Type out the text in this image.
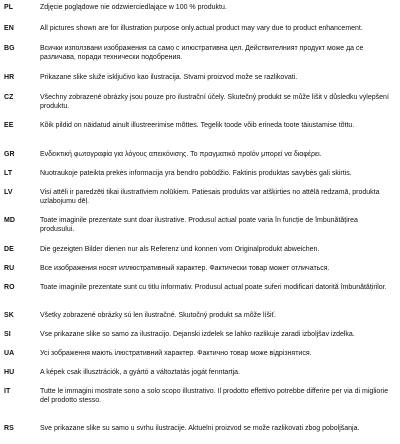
PL	Zdjęcie poglądowe nie odzwierciedlające w 100 % produktu.
EN	All pictures shown are for illustration purpose only.actual product may vary due to product enhancement.
BG	Всички използвани изображения са само с илюстративна цел. Действителният продукт може да се различава, поради технически подобрения.
HR	Prikazane slike služe isključivo kao ilustracija. Stvarni proizvod može se razlikovati.
CZ	Všechny zobrazené obrázky jsou pouze pro ilustrační účely. Skutečný produkt se může lišit v důsledku vylepšení produktu.
EE	Kõik pildid on näidatud ainult illustreerimise mõttes. Tegelik toode võib erineda toote täiustamise tõttu.
GR	Ενδεικτική φωτογραφία για λόγους απεικόνισης. Το πραγματικό προϊόν μπορεί να διαφέρει.
LT	Nuotraukoje pateikta prekės informacija yra bendro pobūdžio. Faktinis produktas savybės gali skirtis.
LV	Visi attēli ir paredzēti tikai ilustratīviem nolūkiem. Patiesais produkts var atšķirties no attēlā redzamā, produkta uzlabojumu dēļ.
MD	Toate imaginile prezentate sunt doar ilustrative. Produsul actual poate varia în funcție de îmbunătățirea produsului.
DE	Die gezeigten Bilder dienen nur als Referenz und konnen vom Originalprodukt abweichen.
RU	Все изображения носят иллюстративный характер. Фактически товар может отличаться.
RO	Toate imaginile prezentate sunt cu titlu informativ. Produsul actual poate suferi modificari datorită îmbunătățirilor.
SK	Všetky zobrazené obrázky sú len ilustračné. Skutočný produkt sa môže líšiť.
SI	Vse prikazane slike so samo za ilustracijo. Dejanski izdelek se lahko razlikuje zaradi izboljšav izdelka.
UA	Усі зображення мають ілюстративний характер. Фактично товар може відрізнятися.
HU	A képek csak illusztrációk, a gyártó a változtatás jogát fenntartja.
IT	Tutte le immagini mostrate sono a solo scopo illustrativo. Il prodotto effettivo potrebbe differire per via di migliorie del prodotto stesso.
RS	Sve prikazane slike su samo u svrhu ilustracije. Aktuelni proizvod se može razlikovati zbog poboljšanja.
